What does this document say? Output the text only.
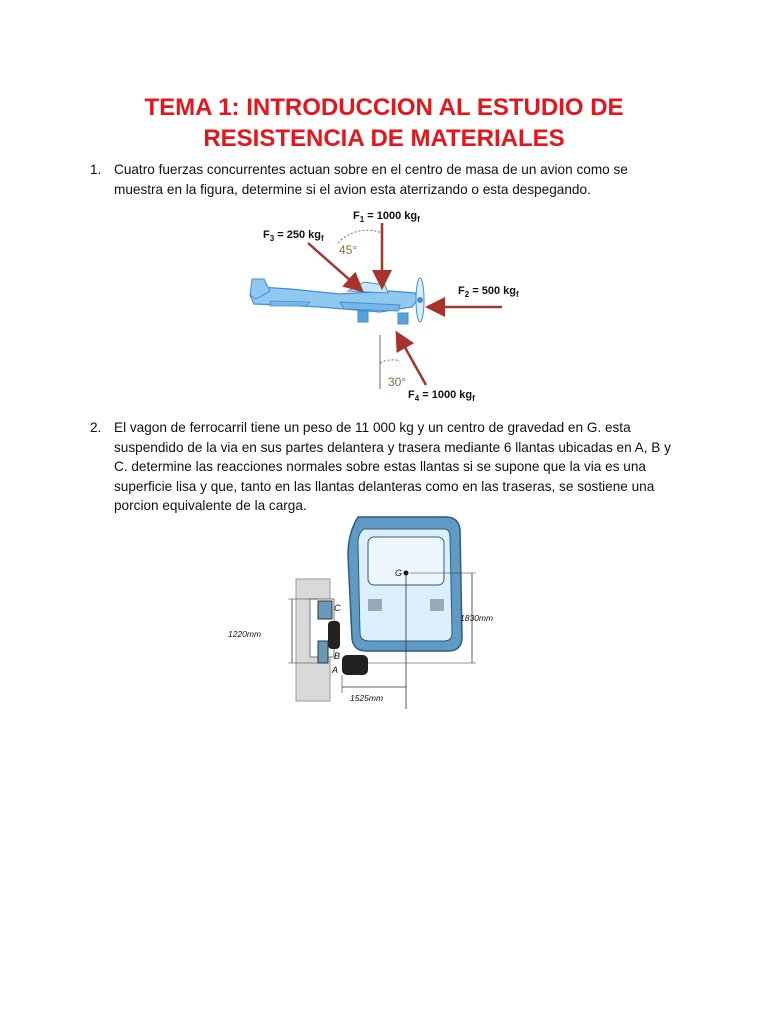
TEMA 1: INTRODUCCION AL ESTUDIO DE
RESISTENCIA DE MATERIALES
1. Cuatro fuerzas concurrentes actuan sobre en el centro de masa de un avion como se muestra en la figura, determine si el avion esta aterrizando o esta despegando.
$F_1 = 1000$ $kg_f$
$F_3 = 250$ $kg_f$
45°
$F_2 = 500$ $kg_f$
30°
$F_4 = 1000$ $kg_f$
2. El vagon de ferrocarril tiene un peso de 11 000 kg y un centro de gravedad en G. esta suspendido de la via en sus partes delantera y trasera mediante 6 llantas ubicadas en A, B y C. determine las reacciones normales sobre estas llantas si se supone que la via es una superficie lisa y que, tanto en las llantas delanteras como en las traseras, se sostiene una porcion equivalente de la carga.
G
C
B
A
1220mm
1830mm
1525mm
